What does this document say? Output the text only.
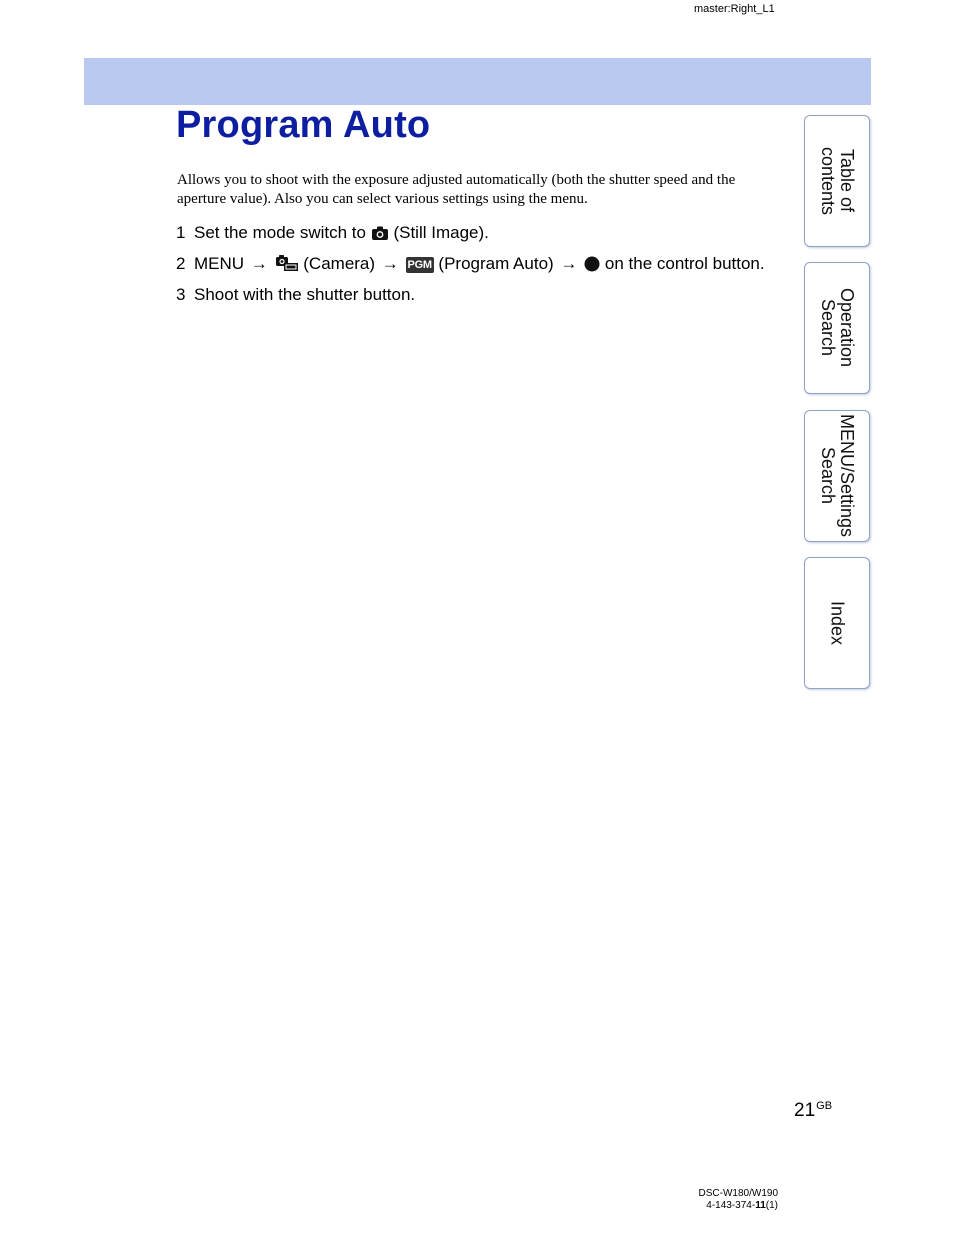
master:Right_L1
Program Auto

Allows you to shoot with the exposure adjusted automatically (both the shutter speed and the aperture value). Also you can select various settings using the menu.

1 Set the mode switch to (Still Image).
2 MENU → (Camera) → PGM (Program Auto) → on the control button.
3 Shoot with the shutter button.
Table of
contents
Operation
Search
MENU/Settings
Search
Index
$21^{GB}$
DSC-W180/W190
4-143-374-11(1)
